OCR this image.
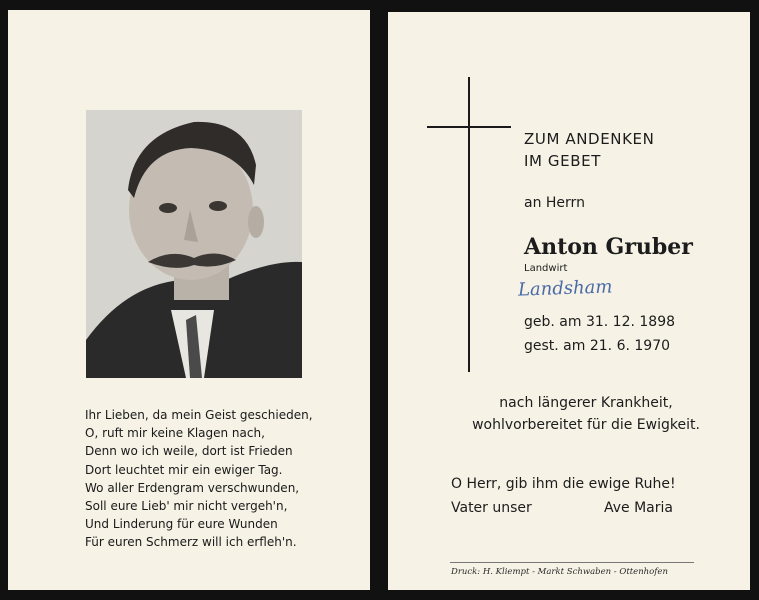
Ihr Lieben, da mein Geist geschieden,
O, ruft mir keine Klagen nach,
Denn wo ich weile, dort ist Frieden
Dort leuchtet mir ein ewiger Tag.
Wo aller Erdengram verschwunden,
Soll eure Lieb' mir nicht vergeh'n,
Und Linderung für eure Wunden
Für euren Schmerz will ich erfleh'n.
ZUM ANDENKEN
IM GEBET
an Herrn
Anton Gruber
Landwirt
Landsham
geb. am 31. 12. 1898
gest. am 21. 6. 1970
nach längerer Krankheit,
wohlvorbereitet für die Ewigkeit.
O Herr, gib ihm die ewige Ruhe!
Vater unser	Ave Maria
Druck: H. Kliempt - Markt Schwaben - Ottenhofen
